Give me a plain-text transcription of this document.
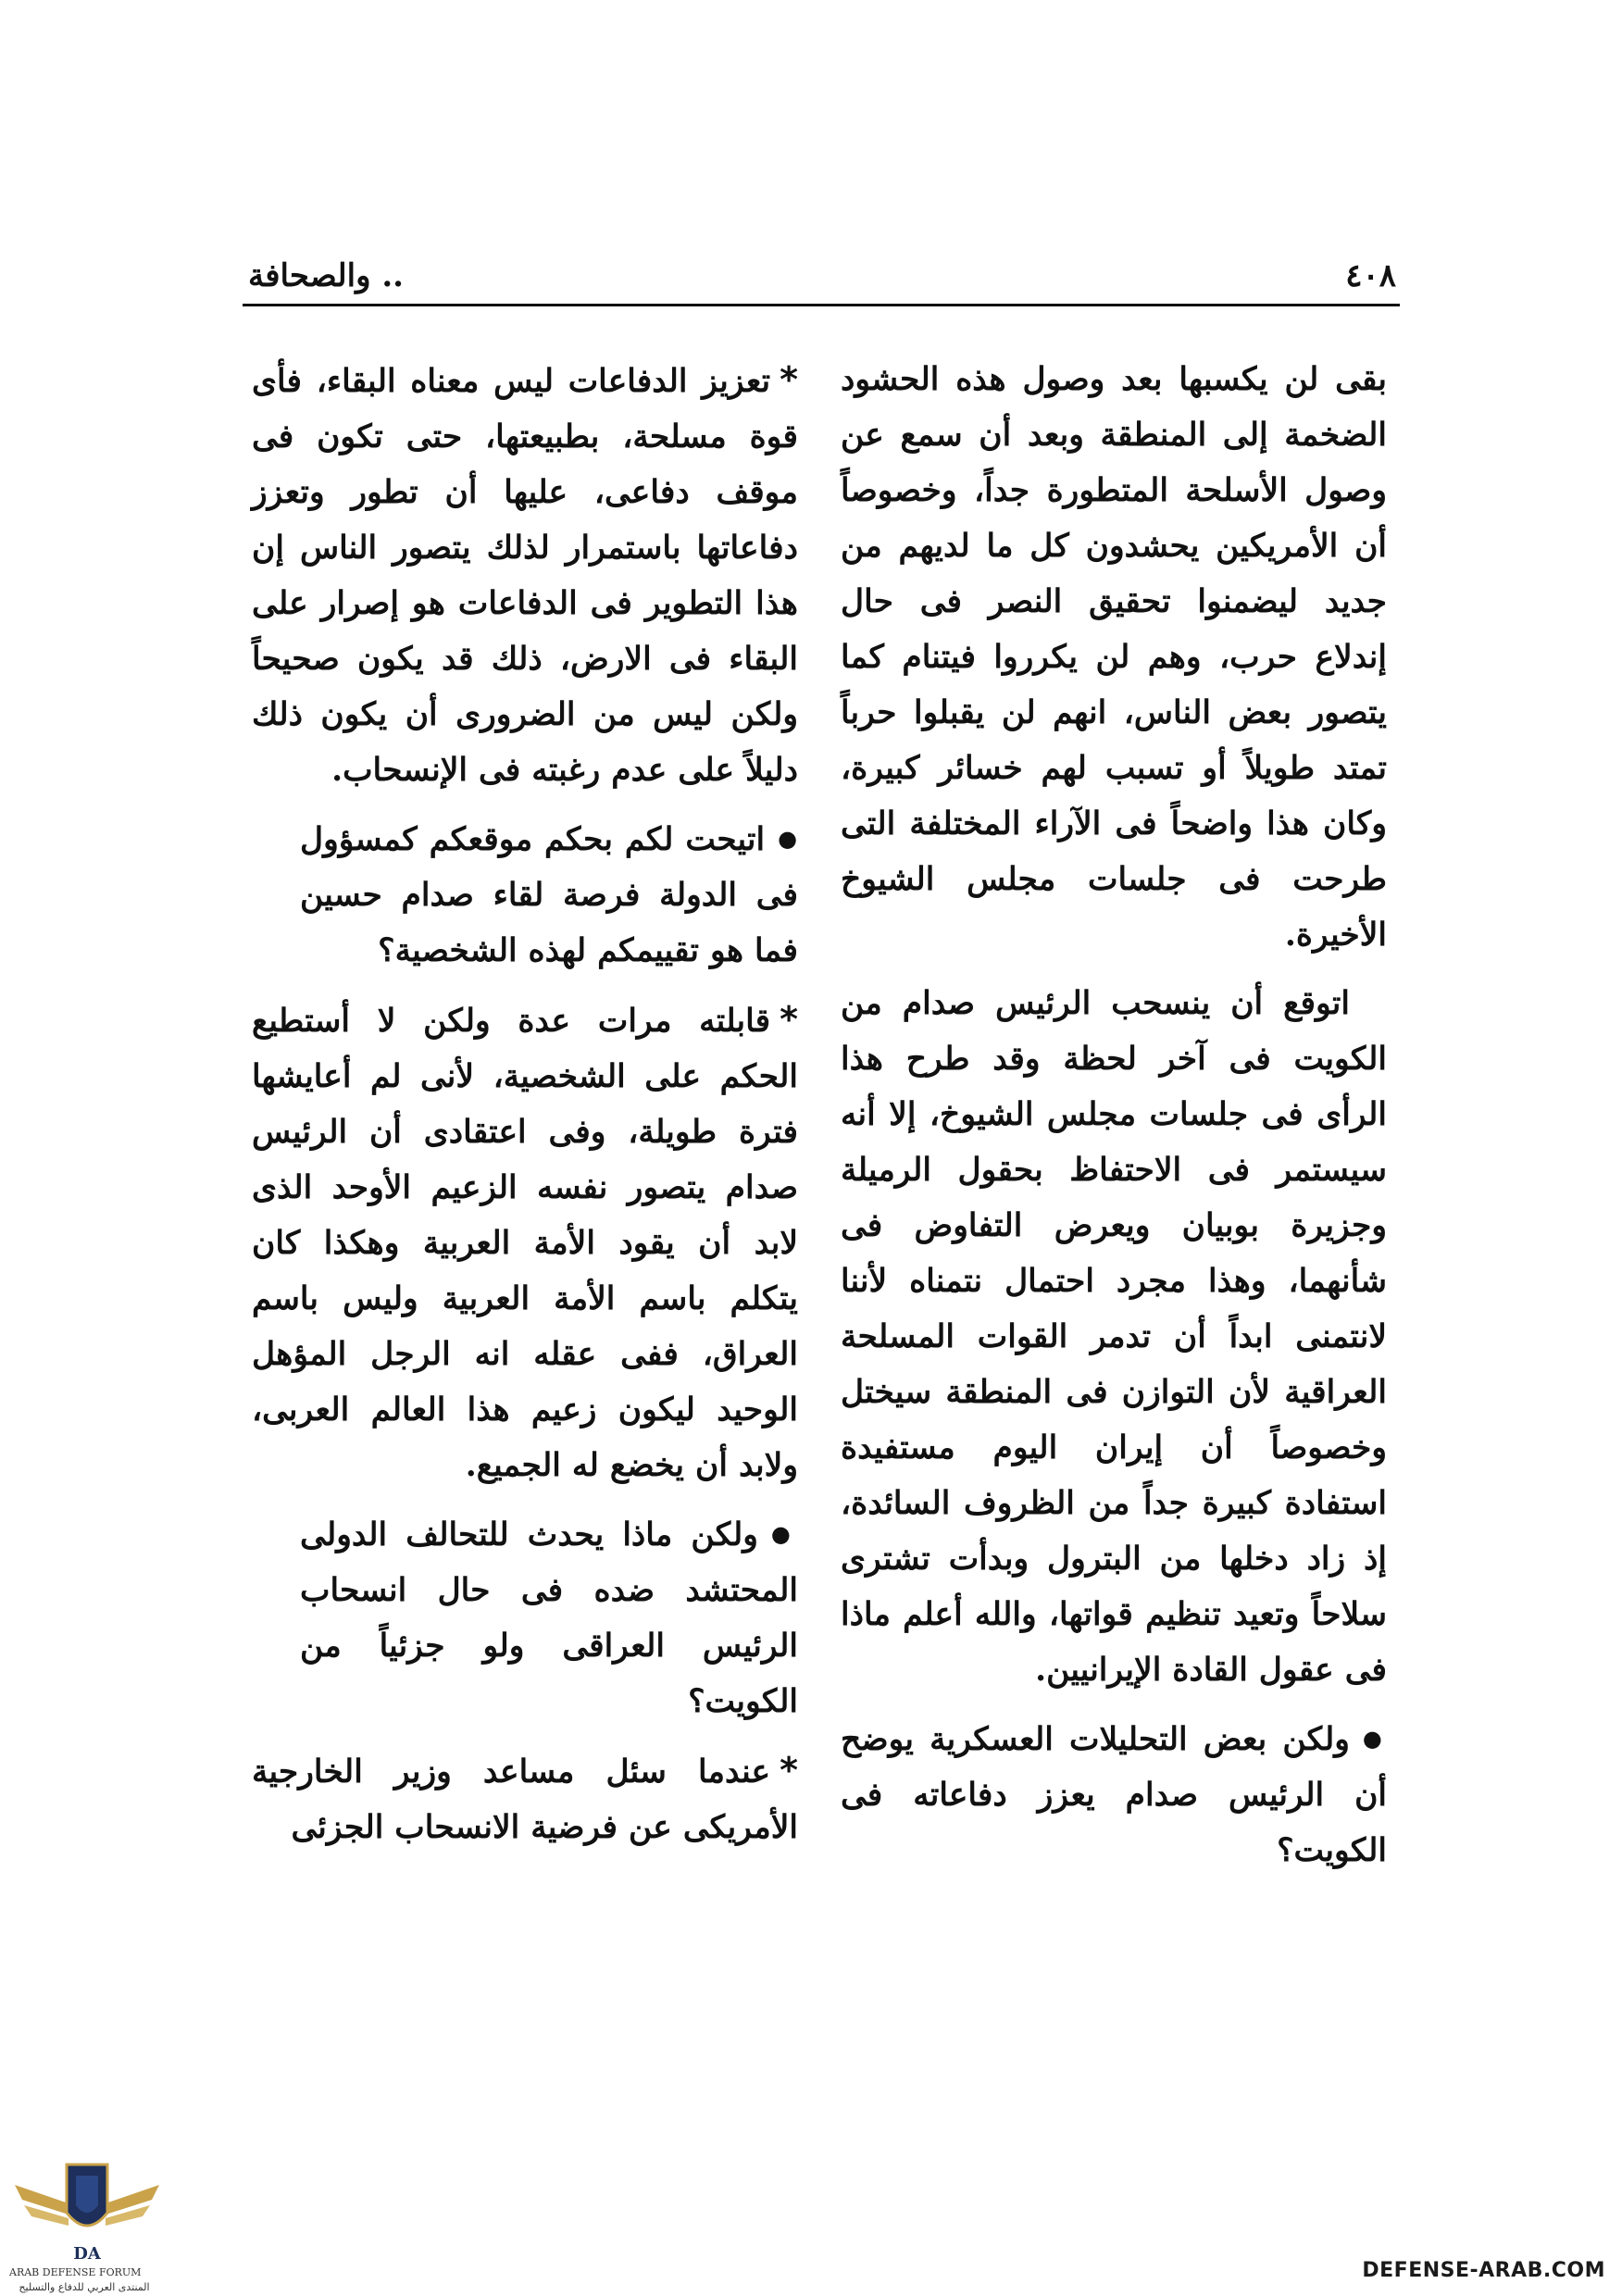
٤٠٨
.. والصحافة

بقى لن يكسبها بعد وصول هذه الحشود الضخمة إلى المنطقة وبعد أن سمع عن وصول الأسلحة المتطورة جداً، وخصوصاً أن الأمريكين يحشدون كل ما لديهم من جديد ليضمنوا تحقيق النصر فى حال إندلاع حرب، وهم لن يكرروا فيتنام كما يتصور بعض الناس، انهم لن يقبلوا حرباً تمتد طويلاً أو تسبب لهم خسائر كبيرة، وكان هذا واضحاً فى الآراء المختلفة التى طرحت فى جلسات مجلس الشيوخ الأخيرة.

اتوقع أن ينسحب الرئيس صدام من الكويت فى آخر لحظة وقد طرح هذا الرأى فى جلسات مجلس الشيوخ، إلا أنه سيستمر فى الاحتفاظ بحقول الرميلة وجزيرة بوبيان ويعرض التفاوض فى شأنهما، وهذا مجرد احتمال نتمناه لأننا لانتمنى ابداً أن تدمر القوات المسلحة العراقية لأن التوازن فى المنطقة سيختل وخصوصاً أن إيران اليوم مستفيدة استفادة كبيرة جداً من الظروف السائدة، إذ زاد دخلها من البترول وبدأت تشترى سلاحاً وتعيد تنظيم قواتها، والله أعلم ماذا فى عقول القادة الإيرانيين.

●ولكن بعض التحليلات العسكرية يوضح أن الرئيس صدام يعزز دفاعاته فى الكويت؟

*تعزيز الدفاعات ليس معناه البقاء، فأى قوة مسلحة، بطبيعتها، حتى تكون فى موقف دفاعى، عليها أن تطور وتعزز دفاعاتها باستمرار لذلك يتصور الناس إن هذا التطوير فى الدفاعات هو إصرار على البقاء فى الارض، ذلك قد يكون صحيحاً ولكن ليس من الضرورى أن يكون ذلك دليلاً على عدم رغبته فى الإنسحاب.

●اتيحت لكم بحكم موقعكم كمسؤول فى الدولة فرصة لقاء صدام حسين فما هو تقييمكم لهذه الشخصية؟

*قابلته مرات عدة ولكن لا أستطيع الحكم على الشخصية، لأنى لم أعايشها فترة طويلة، وفى اعتقادى أن الرئيس صدام يتصور نفسه الزعيم الأوحد الذى لابد أن يقود الأمة العربية وهكذا كان يتكلم باسم الأمة العربية وليس باسم العراق، ففى عقله انه الرجل المؤهل الوحيد ليكون زعيم هذا العالم العربى، ولابد أن يخضع له الجميع.

●ولكن ماذا يحدث للتحالف الدولى المحتشد ضده فى حال انسحاب الرئيس العراقى ولو جزئياً من الكويت؟

*عندما سئل مساعد وزير الخارجية الأمريكى عن فرضية الانسحاب الجزئى

DA
ARAB DEFENSE FORUM
المنتدى العربي للدفاع والتسليح
DEFENSE-ARAB.COM
